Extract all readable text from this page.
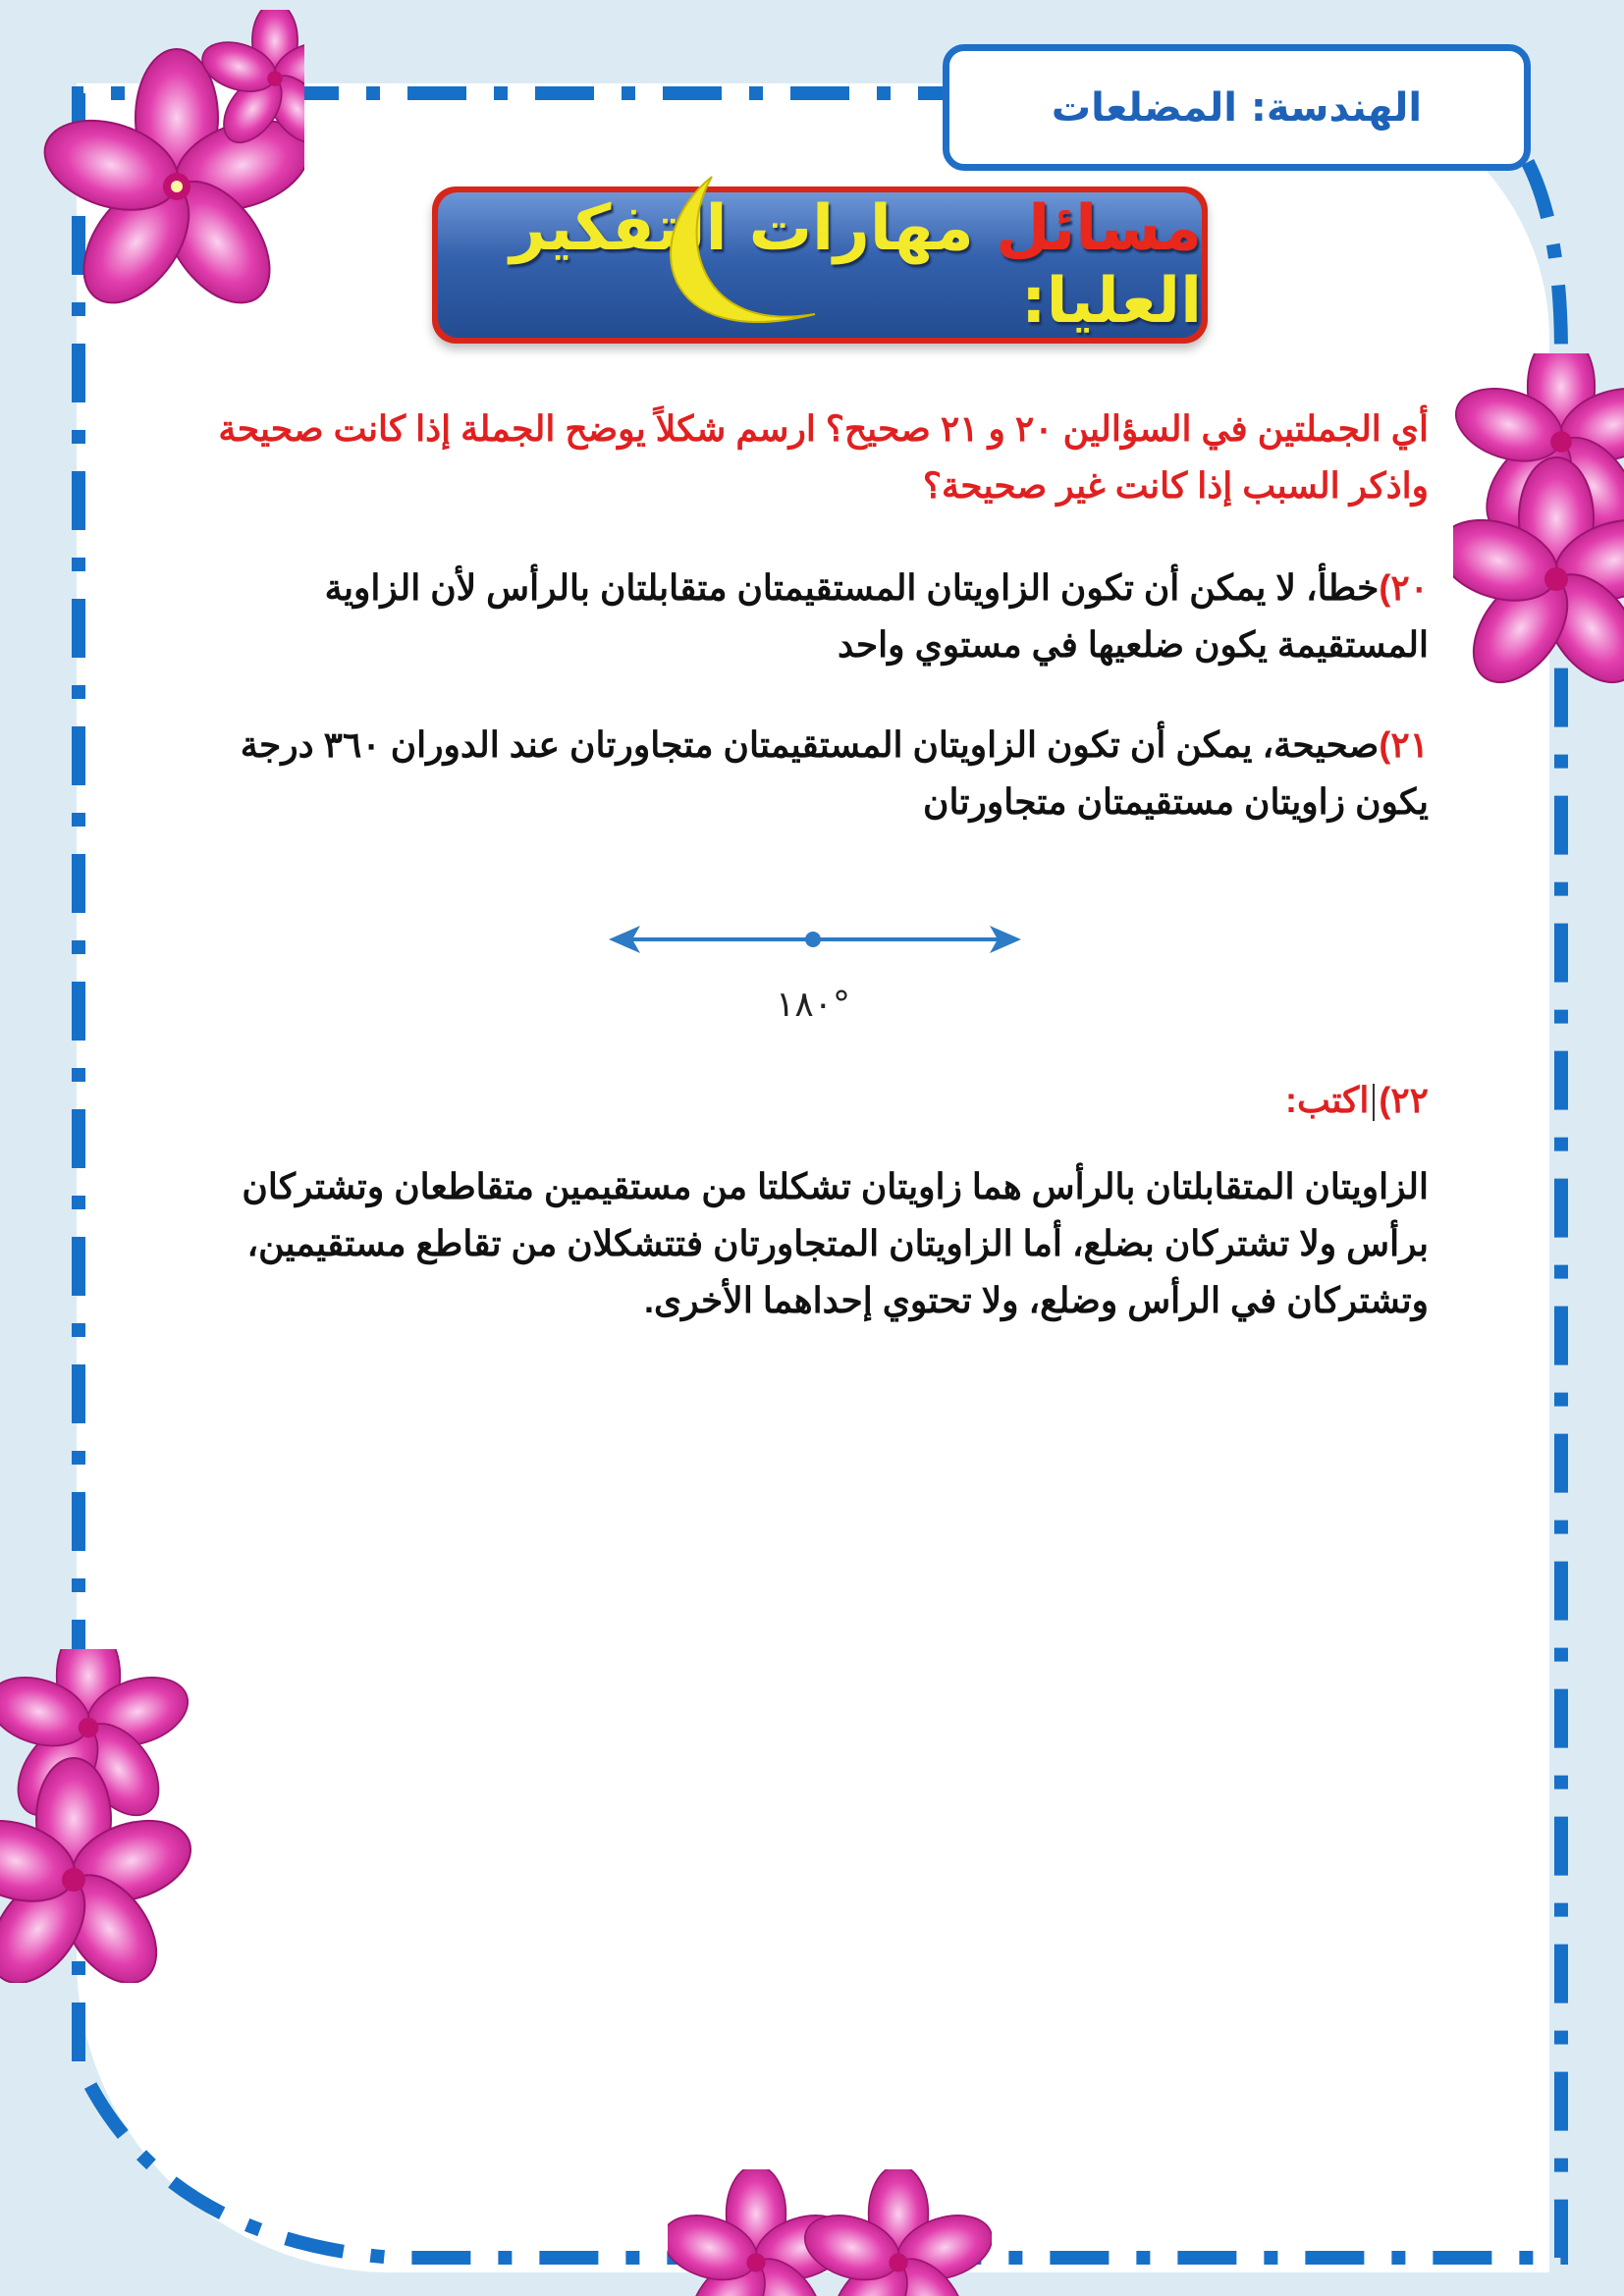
الهندسة: المضلعات
مسائل مهارات التفكير العليا:
أي الجملتين في السؤالين ٢٠ و ٢١ صحيح؟ ارسم شكلاً يوضح الجملة إذا كانت صحيحة واذكر السبب إذا كانت غير صحيحة؟
٢٠)خطأ، لا يمكن أن تكون الزاويتان المستقيمتان متقابلتان بالرأس لأن الزاوية المستقيمة يكون ضلعيها في مستوي واحد
٢١)صحيحة، يمكن أن تكون الزاويتان المستقيمتان متجاورتان عند الدوران ٣٦٠ درجة يكون زاويتان مستقيمتان متجاورتان
١٨٠°
٢٢)اكتب:
الزاويتان المتقابلتان بالرأس هما زاويتان تشكلتا من مستقيمين متقاطعان وتشتركان برأس ولا تشتركان بضلع، أما الزاويتان المتجاورتان فتتشكلان من تقاطع مستقيمين، وتشتركان في الرأس وضلع، ولا تحتوي إحداهما الأخرى.
